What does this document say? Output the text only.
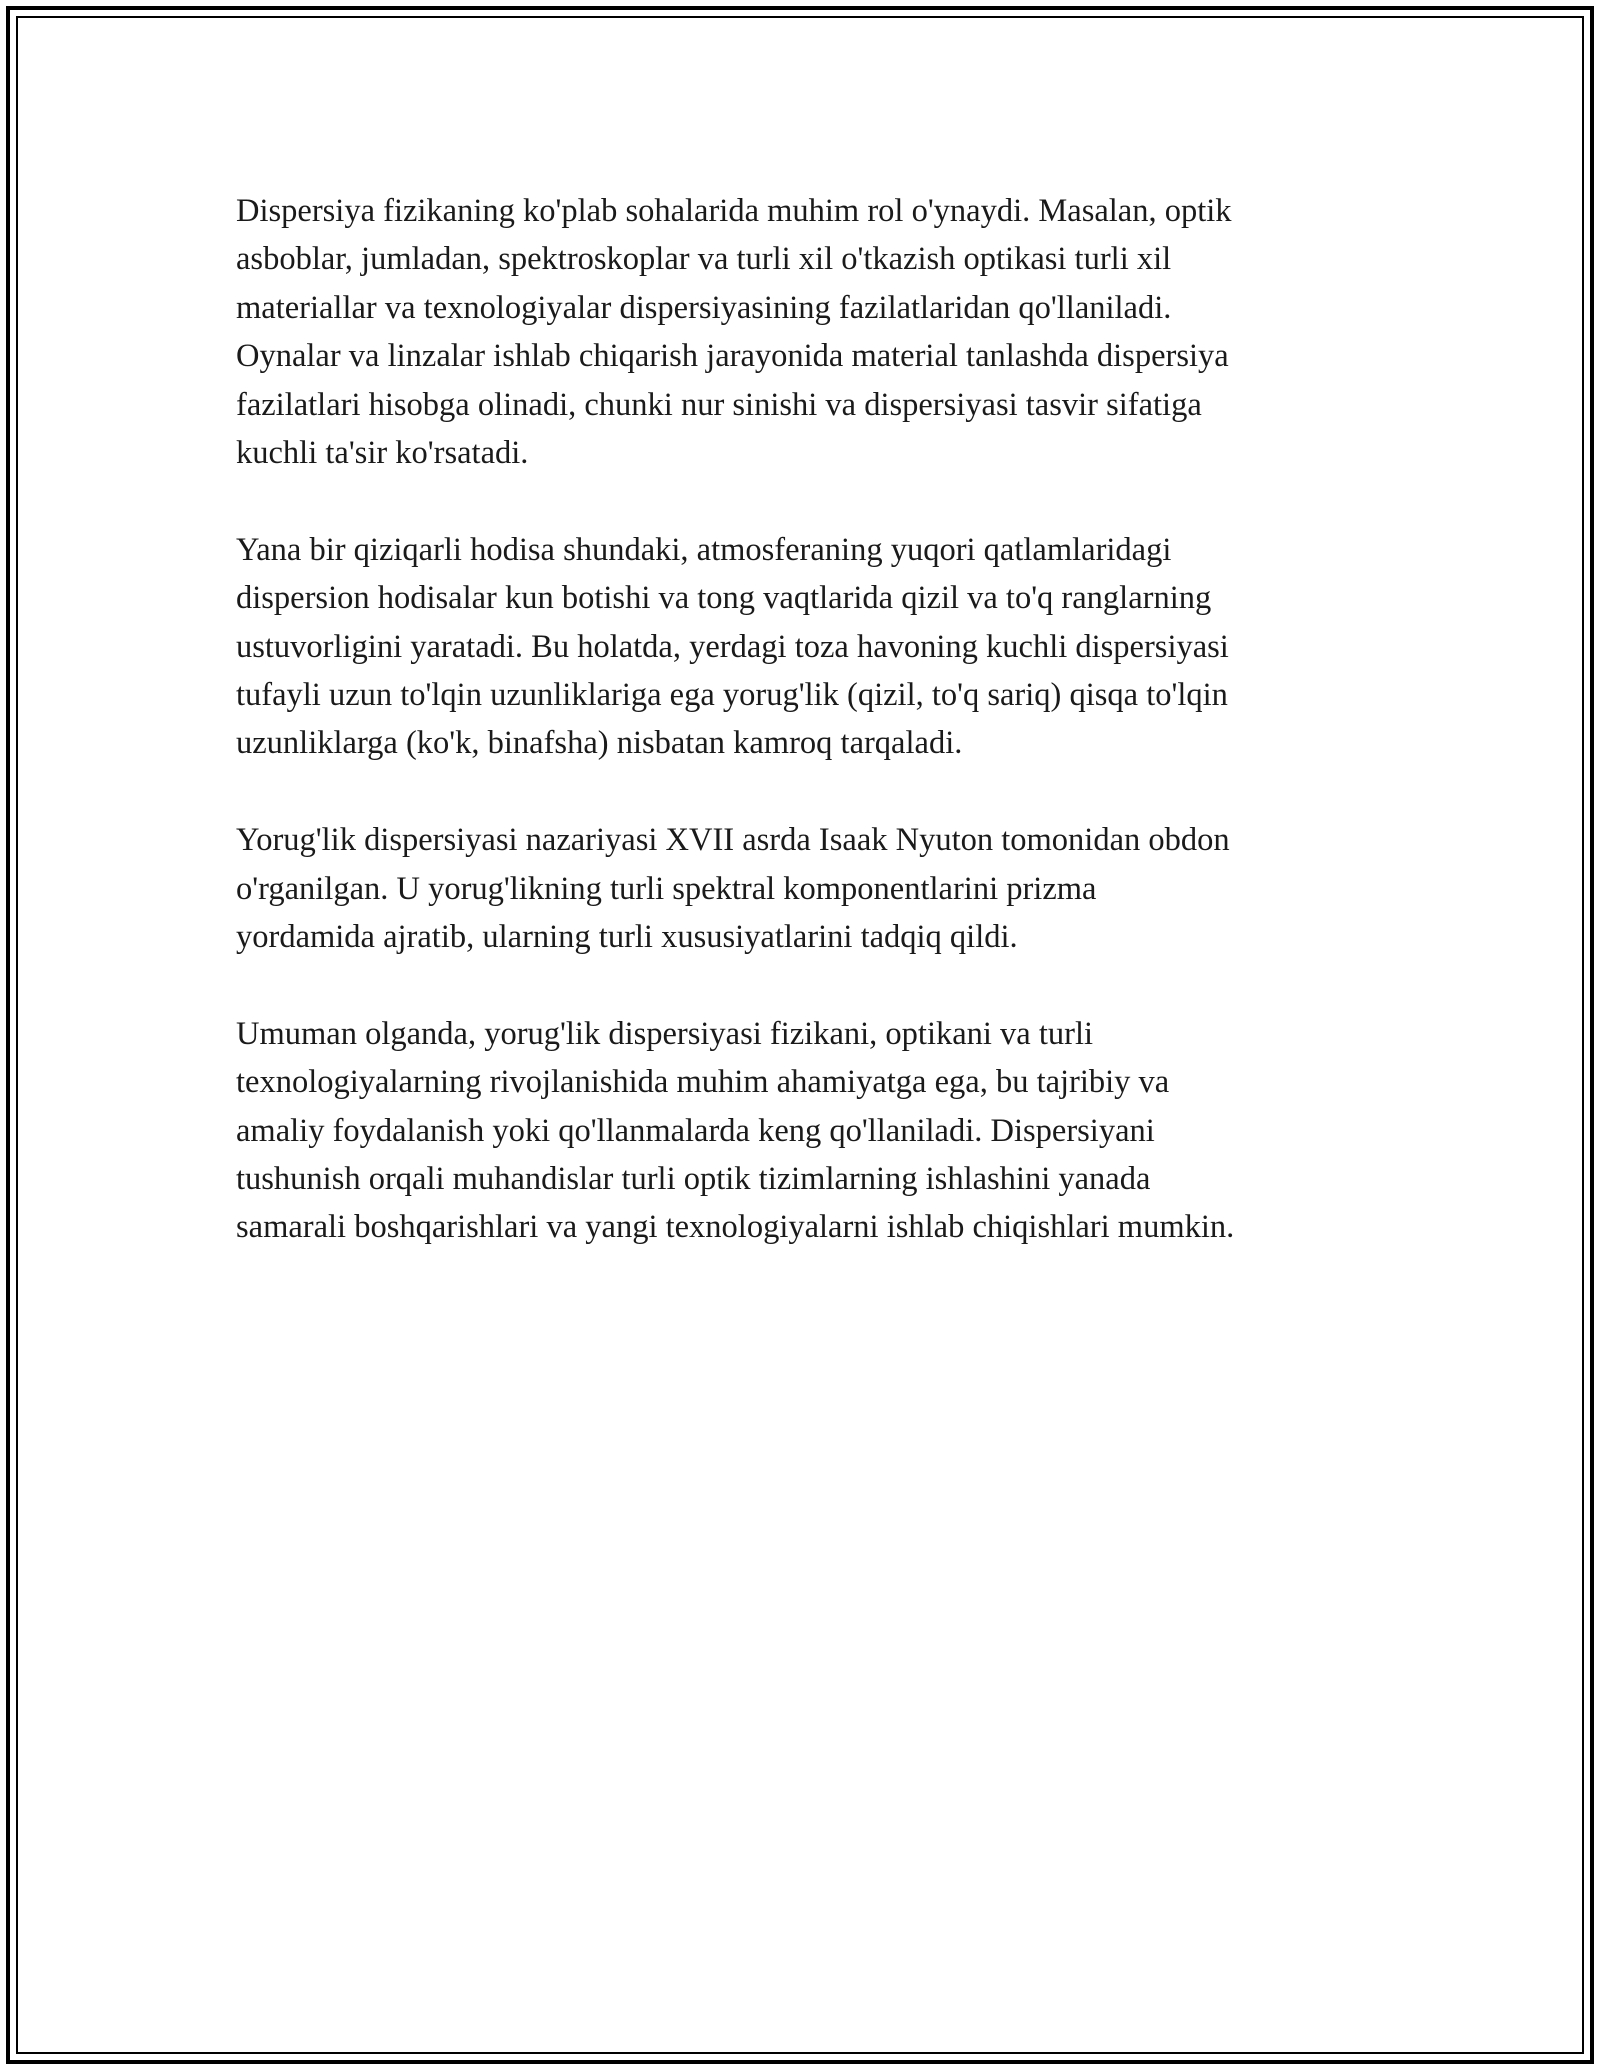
Dispersiya fizikaning ko'plab sohalarida muhim rol o'ynaydi. Masalan, optik
asboblar, jumladan, spektroskoplar va turli xil o'tkazish optikasi turli xil
materiallar va texnologiyalar dispersiyasining fazilatlaridan qo'llaniladi.
Oynalar va linzalar ishlab chiqarish jarayonida material tanlashda dispersiya
fazilatlari hisobga olinadi, chunki nur sinishi va dispersiyasi tasvir sifatiga
kuchli ta'sir ko'rsatadi.

Yana bir qiziqarli hodisa shundaki, atmosferaning yuqori qatlamlaridagi
dispersion hodisalar kun botishi va tong vaqtlarida qizil va to'q ranglarning
ustuvorligini yaratadi. Bu holatda, yerdagi toza havoning kuchli dispersiyasi
tufayli uzun to'lqin uzunliklariga ega yorug'lik (qizil, to'q sariq) qisqa to'lqin
uzunliklarga (ko'k, binafsha) nisbatan kamroq tarqaladi.

Yorug'lik dispersiyasi nazariyasi XVII asrda Isaak Nyuton tomonidan obdon
o'rganilgan. U yorug'likning turli spektral komponentlarini prizma
yordamida ajratib, ularning turli xususiyatlarini tadqiq qildi.

Umuman olganda, yorug'lik dispersiyasi fizikani, optikani va turli
texnologiyalarning rivojlanishida muhim ahamiyatga ega, bu tajribiy va
amaliy foydalanish yoki qo'llanmalarda keng qo'llaniladi. Dispersiyani
tushunish orqali muhandislar turli optik tizimlarning ishlashini yanada
samarali boshqarishlari va yangi texnologiyalarni ishlab chiqishlari mumkin.
